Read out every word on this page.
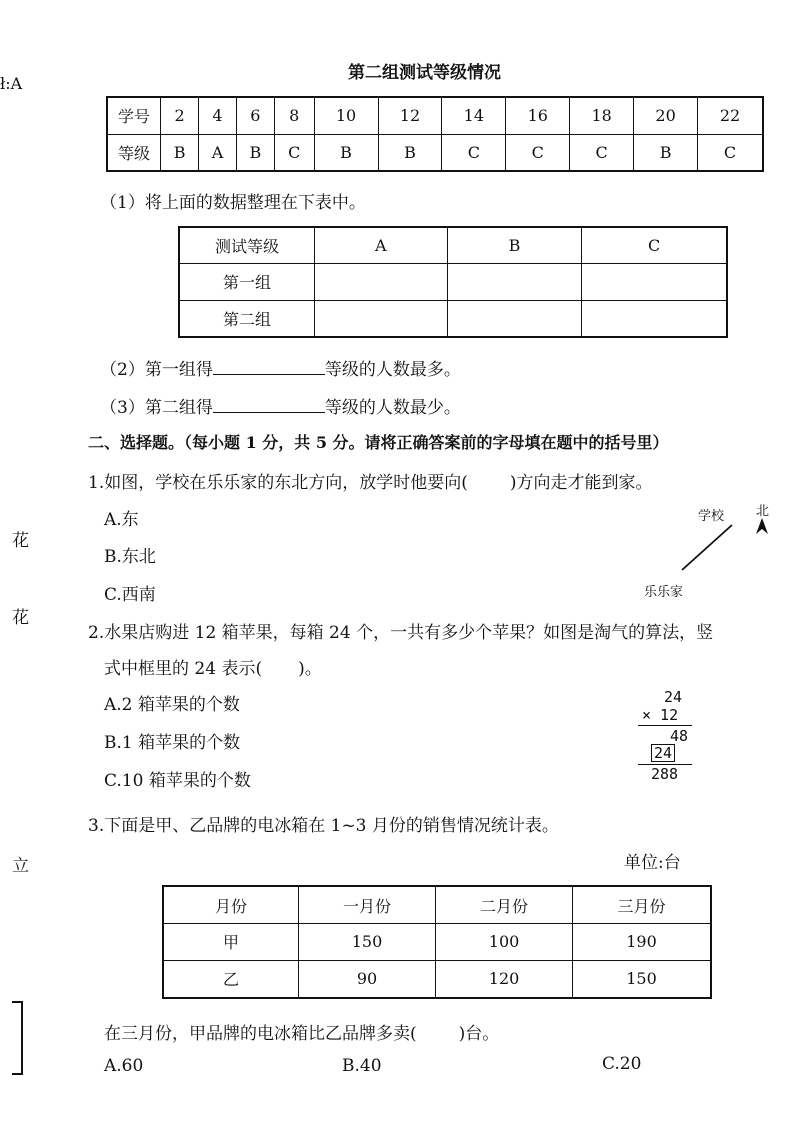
ł:A
花
花
立
第二组测试等级情况
学号	2	4	6	8	10	12	14	16	18	20	22
等级	B	A	B	C	B	B	C	C	C	B	C
（1）将上面的数据整理在下表中。
测试等级	A	B	C
第一组			
第二组			
（2）第一组得	等级的人数最多。
（3）第二组得	等级的人数最少。
二、选择题。（每小题 1 分，共 5 分。请将正确答案前的字母填在题中的括号里）
1.如图，学校在乐乐家的东北方向，放学时他要向( )方向走才能到家。
A.东
B.东北
C.西南
学校 北
乐乐家
2.水果店购进 12 箱苹果，每箱 24 个，一共有多少个苹果？如图是淘气的算法，竖
式中框里的 24 表示( )。
A.2 箱苹果的个数
B.1 箱苹果的个数
C.10 箱苹果的个数
24
× 12
48
24
288
3.下面是甲、乙品牌的电冰箱在 1~3 月份的销售情况统计表。
单位:台
月份	一月份	二月份	三月份
甲	150	100	190
乙	90	120	150
在三月份，甲品牌的电冰箱比乙品牌多卖( )台。
A.60	B.40	C.20
